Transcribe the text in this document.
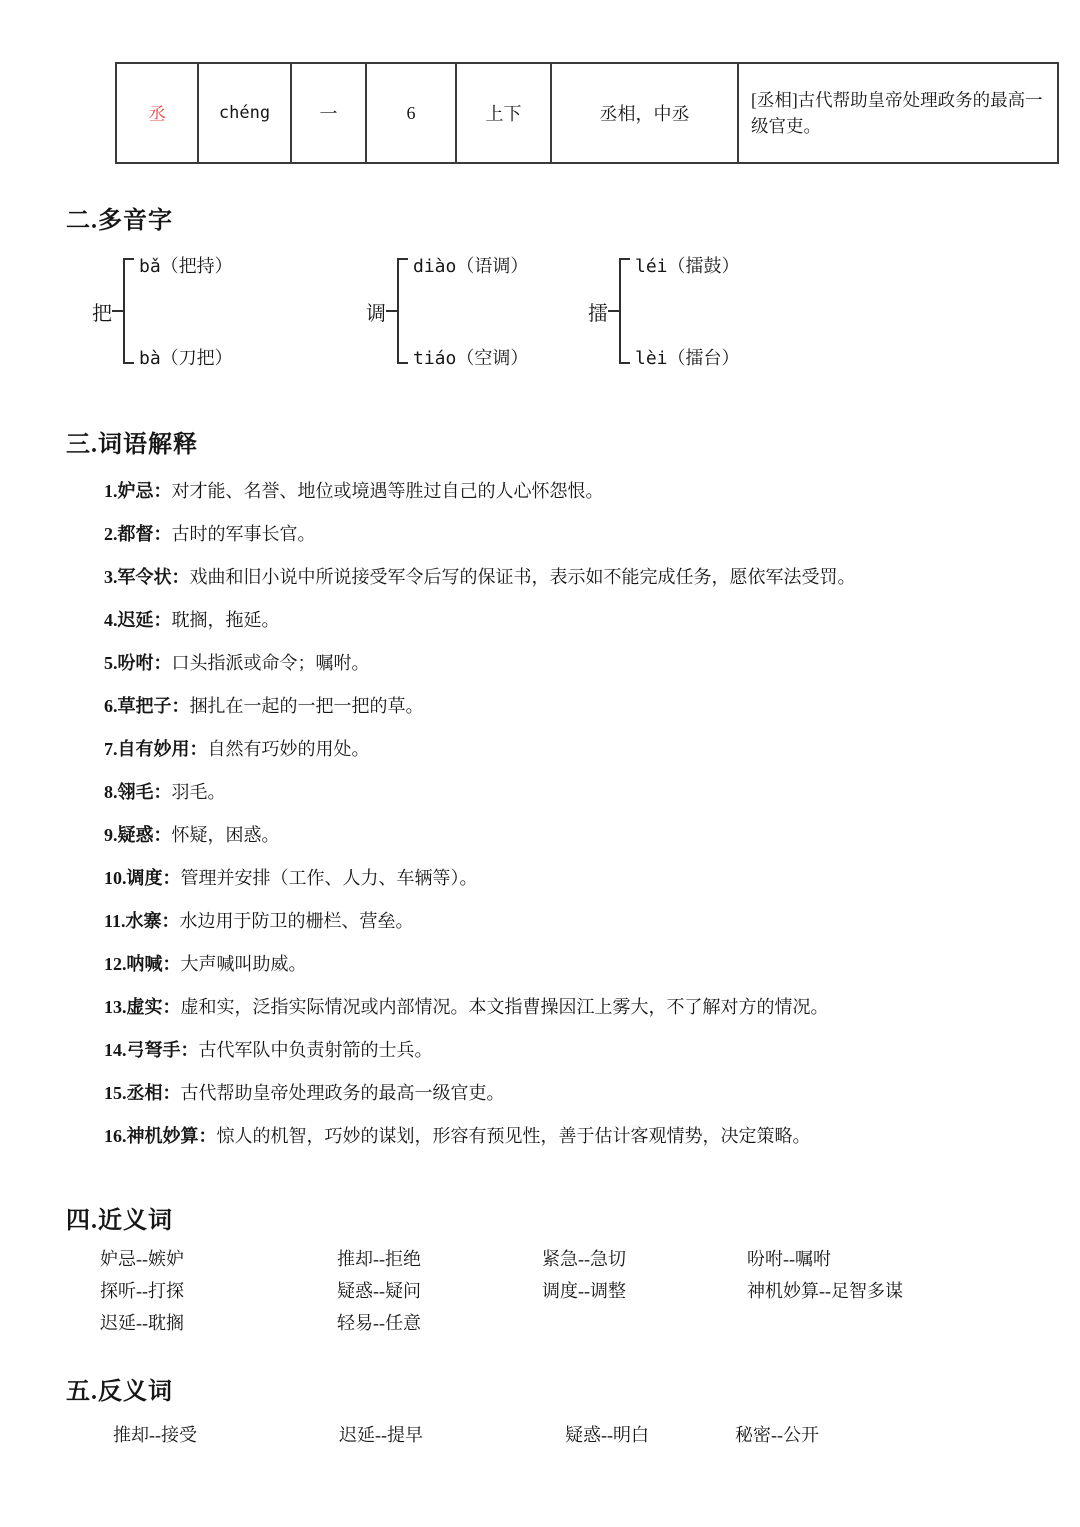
丞	chéng	一	6	上下	丞相，中丞	[丞相]古代帮助皇帝处理政务的最高一级官吏。
二.多音字
把
bǎ（把持）
bà（刀把）
调
diào（语调）
tiáo（空调）
擂
léi（擂鼓）
lèi（擂台）
三.词语解释
1.妒忌：对才能、名誉、地位或境遇等胜过自己的人心怀怨恨。
2.都督：古时的军事长官。
3.军令状：戏曲和旧小说中所说接受军令后写的保证书，表示如不能完成任务，愿依军法受罚。
4.迟延：耽搁，拖延。
5.吩咐：口头指派或命令；嘱咐。
6.草把子：捆扎在一起的一把一把的草。
7.自有妙用：自然有巧妙的用处。
8.翎毛：羽毛。
9.疑惑：怀疑，困惑。
10.调度：管理并安排（工作、人力、车辆等）。
11.水寨：水边用于防卫的栅栏、营垒。
12.呐喊：大声喊叫助威。
13.虚实：虚和实，泛指实际情况或内部情况。本文指曹操因江上雾大，不了解对方的情况。
14.弓弩手：古代军队中负责射箭的士兵。
15.丞相：古代帮助皇帝处理政务的最高一级官吏。
16.神机妙算：惊人的机智，巧妙的谋划，形容有预见性，善于估计客观情势，决定策略。
四.近义词
妒忌--嫉妒	推却--拒绝	紧急--急切	吩咐--嘱咐
探听--打探	疑惑--疑问	调度--调整	神机妙算--足智多谋
迟延--耽搁	轻易--任意
五.反义词
推却--接受	迟延--提早	疑惑--明白	秘密--公开
